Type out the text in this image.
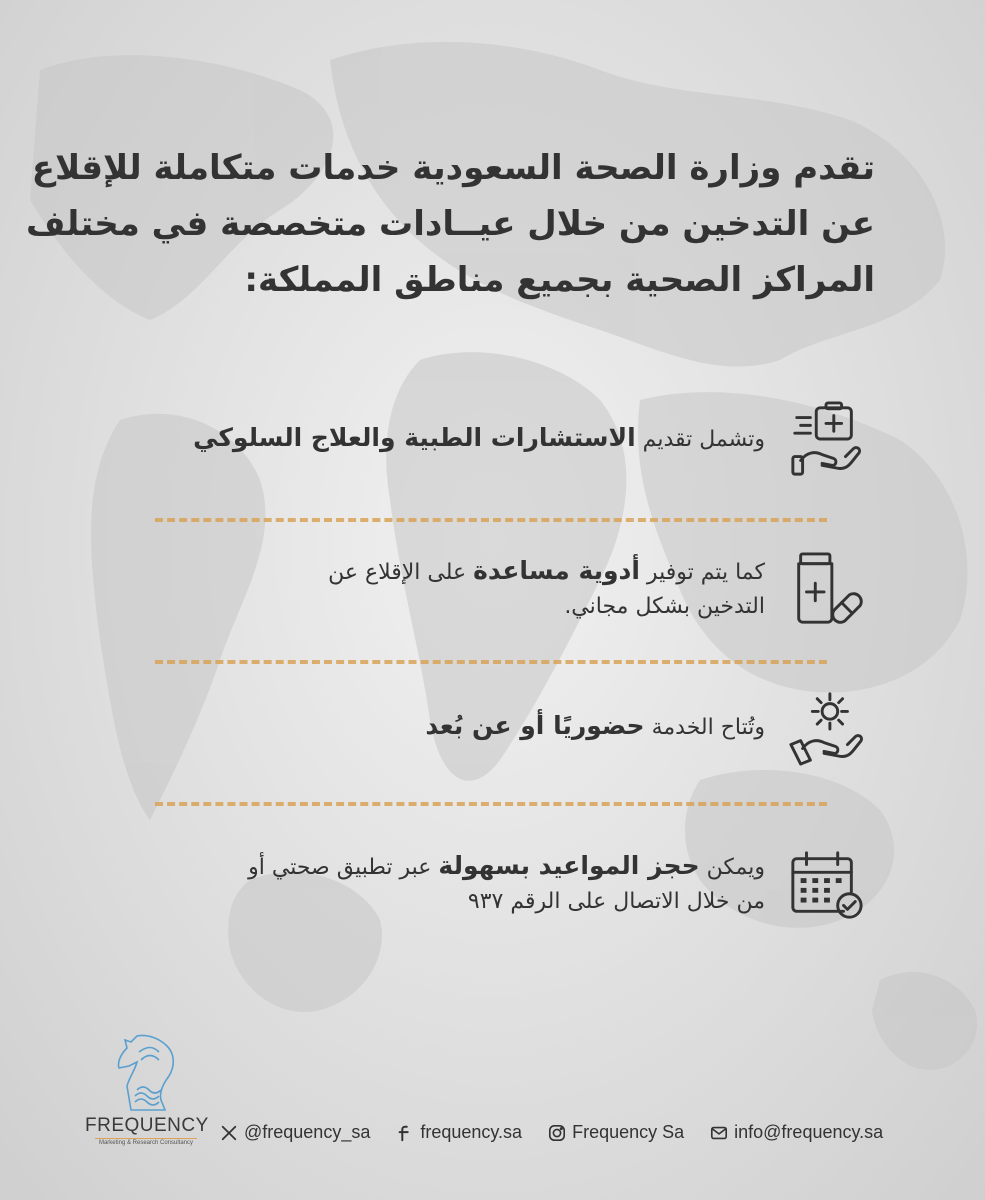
تقدم وزارة الصحة السعودية خدمات متكاملة للإقلاع
عن التدخين من خلال عيــادات متخصصة في مختلف
المراكز الصحية بجميع مناطق المملكة:
وتشمل تقديم الاستشارات الطبية والعلاج السلوكي
كما يتم توفير أدوية مساعدة على الإقلاع عن
التدخين بشكل مجاني.
وتُتاح الخدمة حضوريًا أو عن بُعد
ويمكن حجز المواعيد بسهولة عبر تطبيق صحتي أو
من خلال الاتصال على الرقم ٩٣٧
FREQUENCY
Marketing & Research Consultancy
@frequency_sa	frequency.sa	Frequency Sa	info@frequency.sa
